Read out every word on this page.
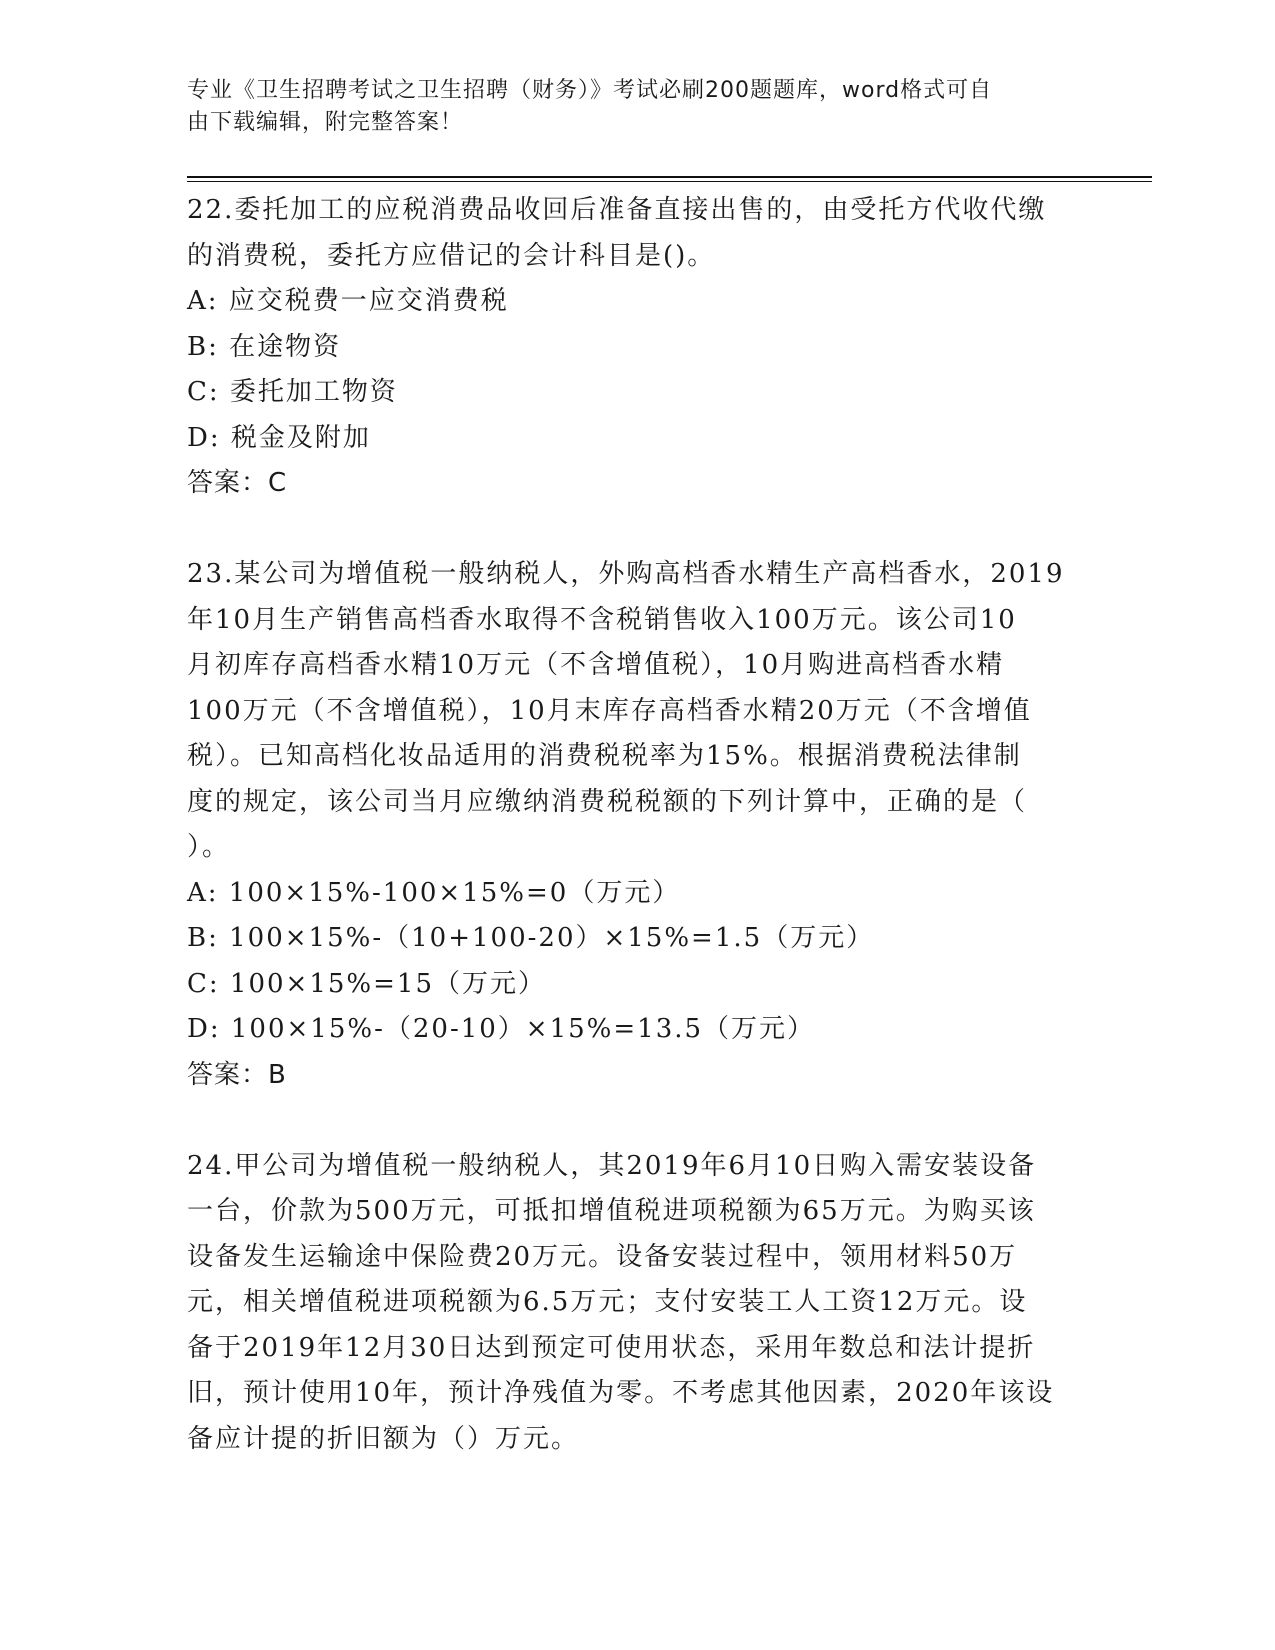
专业《卫生招聘考试之卫生招聘（财务）》考试必刷200题题库，word格式可自
由下载编辑，附完整答案！

22.委托加工的应税消费品收回后准备直接出售的，由受托方代收代缴

的消费税，委托方应借记的会计科目是()。

A: 应交税费一应交消费税

B: 在途物资

C: 委托加工物资

D: 税金及附加

答案：C

23.某公司为增值税一般纳税人，外购高档香水精生产高档香水，2019

年10月生产销售高档香水取得不含税销售收入100万元。该公司10

月初库存高档香水精10万元（不含增值税），10月购进高档香水精

100万元（不含增值税），10月末库存高档香水精20万元（不含增值

税）。已知高档化妆品适用的消费税税率为15%。根据消费税法律制

度的规定，该公司当月应缴纳消费税税额的下列计算中，正确的是（

）。

A: 100×15%-100×15%=0（万元）

B: 100×15%-（10+100-20）×15%=1.5（万元）

C: 100×15%=15（万元）

D: 100×15%-（20-10）×15%=13.5（万元）

答案：B

24.甲公司为增值税一般纳税人，其2019年6月10日购入需安装设备

一台，价款为500万元，可抵扣增值税进项税额为65万元。为购买该

设备发生运输途中保险费20万元。设备安装过程中，领用材料50万

元，相关增值税进项税额为6.5万元；支付安装工人工资12万元。设

备于2019年12月30日达到预定可使用状态，采用年数总和法计提折

旧，预计使用10年，预计净残值为零。不考虑其他因素，2020年该设

备应计提的折旧额为（）万元。
